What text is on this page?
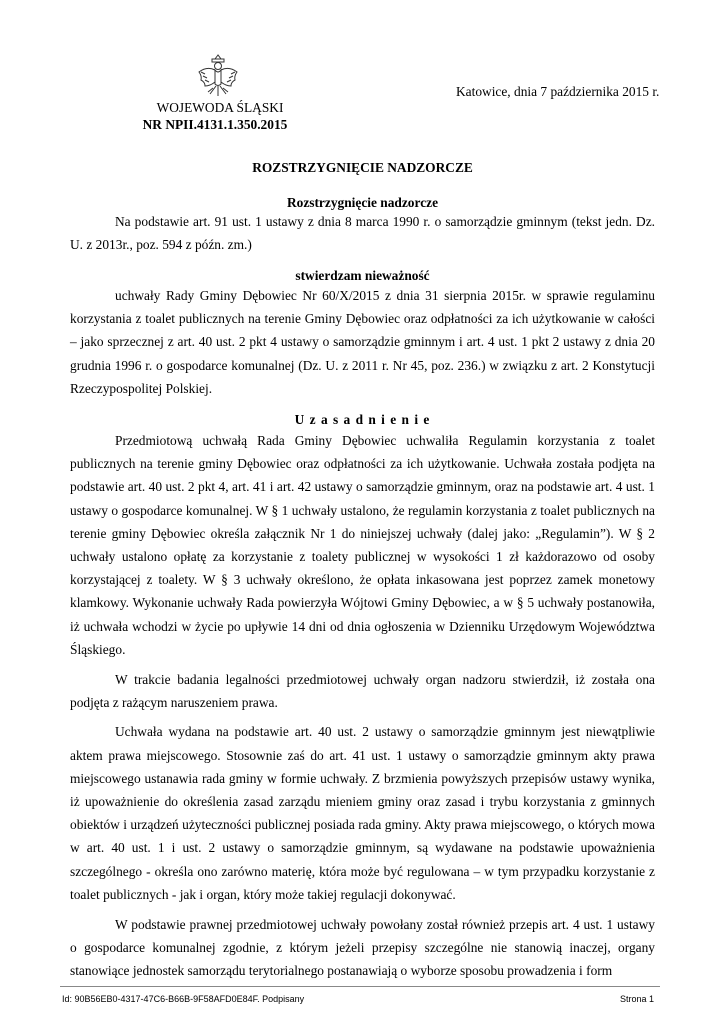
Katowice, dnia 7 października 2015 r.
WOJEWODA ŚLĄSKI
NR NPII.4131.1.350.2015
ROZSTRZYGNIĘCIE NADZORCZE
Rozstrzygnięcie nadzorcze

Na podstawie art. 91 ust. 1 ustawy z dnia 8 marca 1990 r. o samorządzie gminnym (tekst jedn. Dz. U. z 2013r., poz. 594 z późn. zm.)

stwierdzam nieważność

uchwały Rady Gminy Dębowiec Nr 60/X/2015 z dnia 31 sierpnia 2015r. w sprawie regulaminu korzystania z toalet publicznych na terenie Gminy Dębowiec oraz odpłatności za ich użytkowanie w całości – jako sprzecznej z art. 40 ust. 2 pkt 4 ustawy o samorządzie gminnym i art. 4 ust. 1 pkt 2 ustawy z dnia 20 grudnia 1996 r. o gospodarce komunalnej (Dz. U. z 2011 r. Nr 45, poz. 236.) w związku z art. 2 Konstytucji Rzeczypospolitej Polskiej.

U z a s a d n i e n i e

Przedmiotową uchwałą Rada Gminy Dębowiec uchwaliła Regulamin korzystania z toalet publicznych na terenie gminy Dębowiec oraz odpłatności za ich użytkowanie. Uchwała została podjęta na podstawie art. 40 ust. 2 pkt 4, art. 41 i art. 42 ustawy o samorządzie gminnym, oraz na podstawie art. 4 ust. 1 ustawy o gospodarce komunalnej. W § 1 uchwały ustalono, że regulamin korzystania z toalet publicznych na terenie gminy Dębowiec określa załącznik Nr 1 do niniejszej uchwały (dalej jako: „Regulamin”). W § 2 uchwały ustalono opłatę za korzystanie z toalety publicznej w wysokości 1 zł każdorazowo od osoby korzystającej z toalety. W § 3 uchwały określono, że opłata inkasowana jest poprzez zamek monetowy klamkowy. Wykonanie uchwały Rada powierzyła Wójtowi Gminy Dębowiec, a w § 5 uchwały postanowiła, iż uchwała wchodzi w życie po upływie 14 dni od dnia ogłoszenia w Dzienniku Urzędowym Województwa Śląskiego.

W trakcie badania legalności przedmiotowej uchwały organ nadzoru stwierdził, iż została ona podjęta z rażącym naruszeniem prawa.

Uchwała wydana na podstawie art. 40 ust. 2 ustawy o samorządzie gminnym jest niewątpliwie aktem prawa miejscowego. Stosownie zaś do art. 41 ust. 1 ustawy o samorządzie gminnym akty prawa miejscowego ustanawia rada gminy w formie uchwały. Z brzmienia powyższych przepisów ustawy wynika, iż upoważnienie do określenia zasad zarządu mieniem gminy oraz zasad i trybu korzystania z gminnych obiektów i urządzeń użyteczności publicznej posiada rada gminy. Akty prawa miejscowego, o których mowa w art. 40 ust. 1 i ust. 2 ustawy o samorządzie gminnym, są wydawane na podstawie upoważnienia szczególnego - określa ono zarówno materię, która może być regulowana – w tym przypadku korzystanie z toalet publicznych - jak i organ, który może takiej regulacji dokonywać.

W podstawie prawnej przedmiotowej uchwały powołany został również przepis art. 4 ust. 1 ustawy o gospodarce komunalnej zgodnie, z którym jeżeli przepisy szczególne nie stanowią inaczej, organy stanowiące jednostek samorządu terytorialnego postanawiają o wyborze sposobu prowadzenia i form

Id: 90B56EB0-4317-47C6-B66B-9F58AFD0E84F. Podpisany	Strona 1
